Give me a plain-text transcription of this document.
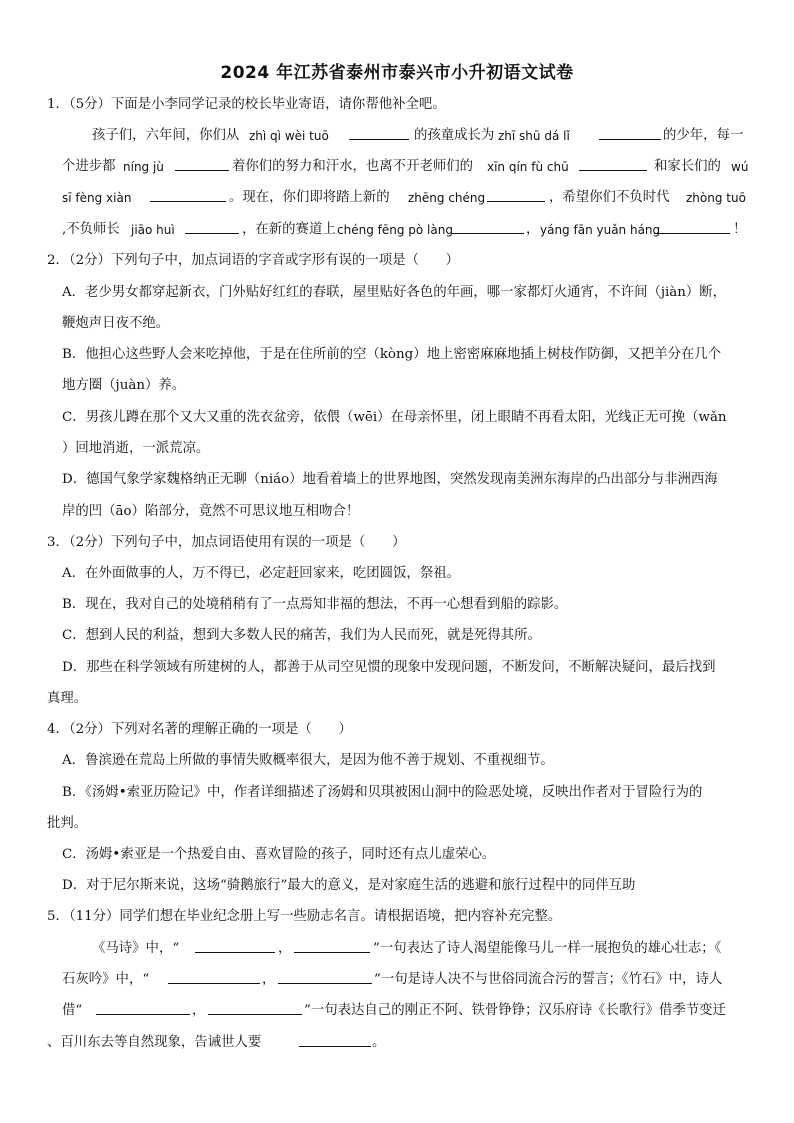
2024 年江苏省泰州市泰兴市小升初语文试卷
1．（5分）下面是小李同学记录的校长毕业寄语，请你帮他补全吧。
孩子们，六年间，你们从 zhì qì wèi tuō	的孩童成长为 zhī shū dá lǐ	的少年，每一
个进步都 níng jù	着你们的努力和汗水，也离不开老师们的 xīn qín fù chū	和家长们的 wú
sī fèng xiàn	。现在，你们即将踏上新的 zhēng chéng	，希望你们不负时代 zhòng tuō
,不负师长 jiāo huì	，在新的赛道上 chéng fēng pò làng	， yáng fān yuǎn háng	！
2．（2分）下列句子中，加点词语的字音或字形有误的一项是（　　）
A．老少男女都穿起新衣，门外贴好红红的春联，屋里贴好各色的年画，哪一家都灯火通宵，不许间（jiàn）断，
鞭炮声日夜不绝。
B．他担心这些野人会来吃掉他，于是在住所前的空（kòng）地上密密麻麻地插上树枝作防御，又把羊分在几个
地方圈（juàn）养。
C．男孩儿蹲在那个又大又重的洗衣盆旁，依偎（wēi）在母亲怀里，闭上眼睛不再看太阳，光线正无可挽（wǎn
）回地消逝，一派荒凉。
D．德国气象学家魏格纳正无聊（niáo）地看着墙上的世界地图，突然发现南美洲东海岸的凸出部分与非洲西海
岸的凹（āo）陷部分，竟然不可思议地互相吻合！
3．（2分）下列句子中，加点词语使用有误的一项是（　　）
A．在外面做事的人，万不得已，必定赶回家来，吃团圆饭，祭祖。
B．现在，我对自己的处境稍稍有了一点焉知非福的想法，不再一心想看到船的踪影。
C．想到人民的利益，想到大多数人民的痛苦，我们为人民而死，就是死得其所。
D．那些在科学领域有所建树的人，都善于从司空见惯的现象中发现问题，不断发问，不断解决疑问，最后找到
真理。
4．（2分）下列对名著的理解正确的一项是（　　）
A．鲁滨逊在荒岛上所做的事情失败概率很大，是因为他不善于规划、不重视细节。
B．《汤姆•索亚历险记》中，作者详细描述了汤姆和贝琪被困山洞中的险恶处境，反映出作者对于冒险行为的
批判。
C．汤姆•索亚是一个热爱自由、喜欢冒险的孩子，同时还有点儿虚荣心。
D．对于尼尔斯来说，这场“骑鹅旅行”最大的意义，是对家庭生活的逃避和旅行过程中的同伴互助
5．（11分）同学们想在毕业纪念册上写一些励志名言。请根据语境，把内容补充完整。
《马诗》中，“	，	”一句表达了诗人渴望能像马儿一样一展抱负的雄心壮志；《
石灰吟》中，“	，	”一句是诗人决不与世俗同流合污的誓言；《竹石》中，诗人
借“	，	”一句表达自己的刚正不阿、铁骨铮铮；汉乐府诗《长歌行》借季节变迁
、百川东去等自然现象，告诫世人要	。
